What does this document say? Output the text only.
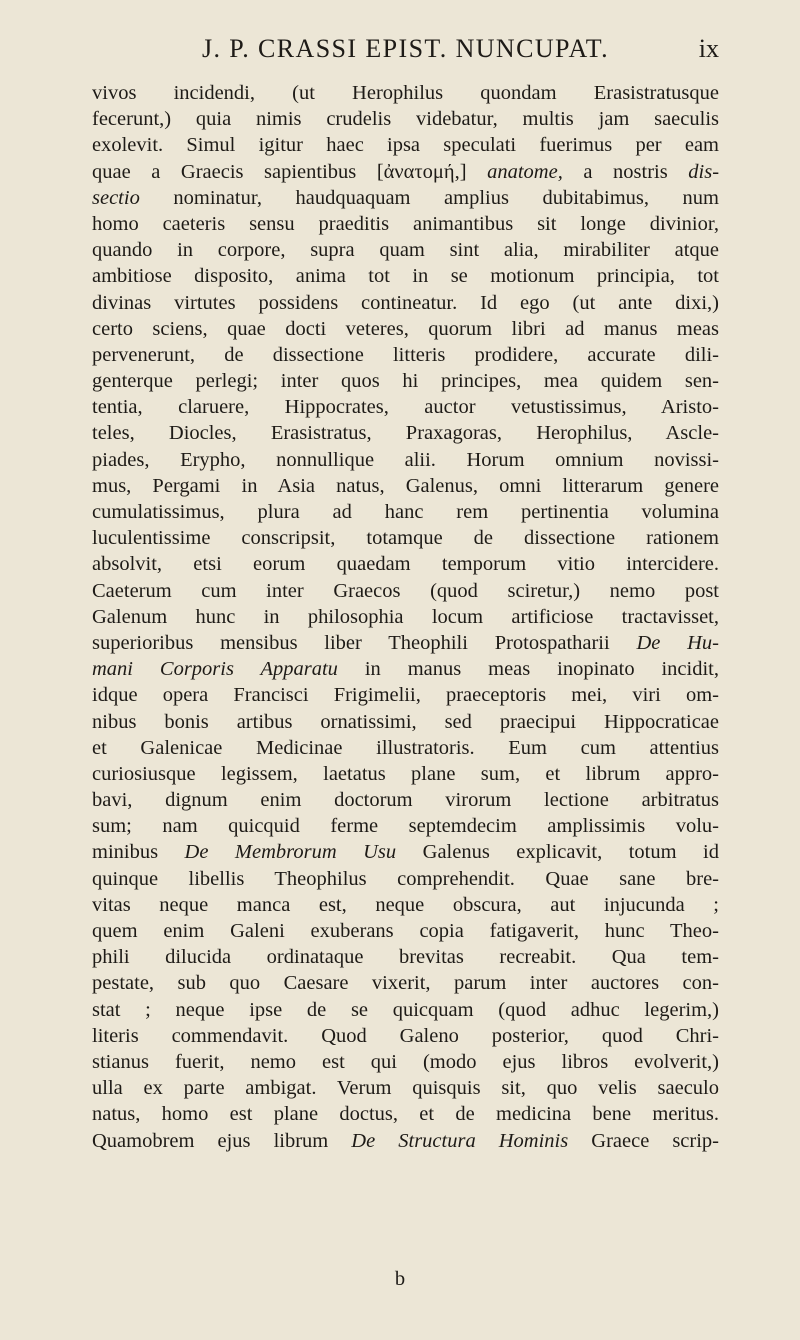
J. P. CRASSI EPIST. NUNCUPAT.	ix
vivos incidendi, (ut Herophilus quondam Erasistratusque
fecerunt,) quia nimis crudelis videbatur, multis jam saeculis
exolevit. Simul igitur haec ipsa speculati fuerimus per eam
quae a Graecis sapientibus [ἀνατομή,] anatome, a nostris dis-
sectio nominatur, haudquaquam amplius dubitabimus, num
homo caeteris sensu praeditis animantibus sit longe divinior,
quando in corpore, supra quam sint alia, mirabiliter atque
ambitiose disposito, anima tot in se motionum principia, tot
divinas virtutes possidens contineatur. Id ego (ut ante dixi,)
certo sciens, quae docti veteres, quorum libri ad manus meas
pervenerunt, de dissectione litteris prodidere, accurate dili-
genterque perlegi; inter quos hi principes, mea quidem sen-
tentia, claruere, Hippocrates, auctor vetustissimus, Aristo-
teles, Diocles, Erasistratus, Praxagoras, Herophilus, Ascle-
piades, Erypho, nonnullique alii. Horum omnium novissi-
mus, Pergami in Asia natus, Galenus, omni litterarum genere
cumulatissimus, plura ad hanc rem pertinentia volumina
luculentissime conscripsit, totamque de dissectione rationem
absolvit, etsi eorum quaedam temporum vitio intercidere.
Caeterum cum inter Graecos (quod sciretur,) nemo post
Galenum hunc in philosophia locum artificiose tractavisset,
superioribus mensibus liber Theophili Protospatharii De Hu-
mani Corporis Apparatu in manus meas inopinato incidit,
idque opera Francisci Frigimelii, praeceptoris mei, viri om-
nibus bonis artibus ornatissimi, sed praecipui Hippocraticae
et Galenicae Medicinae illustratoris. Eum cum attentius
curiosiusque legissem, laetatus plane sum, et librum appro-
bavi, dignum enim doctorum virorum lectione arbitratus
sum; nam quicquid ferme septemdecim amplissimis volu-
minibus De Membrorum Usu Galenus explicavit, totum id
quinque libellis Theophilus comprehendit. Quae sane bre-
vitas neque manca est, neque obscura, aut injucunda ;
quem enim Galeni exuberans copia fatigaverit, hunc Theo-
phili dilucida ordinataque brevitas recreabit. Qua tem-
pestate, sub quo Caesare vixerit, parum inter auctores con-
stat ; neque ipse de se quicquam (quod adhuc legerim,)
literis commendavit. Quod Galeno posterior, quod Chri-
stianus fuerit, nemo est qui (modo ejus libros evolverit,)
ulla ex parte ambigat. Verum quisquis sit, quo velis saeculo
natus, homo est plane doctus, et de medicina bene meritus.
Quamobrem ejus librum De Structura Hominis Graece scrip-
b
